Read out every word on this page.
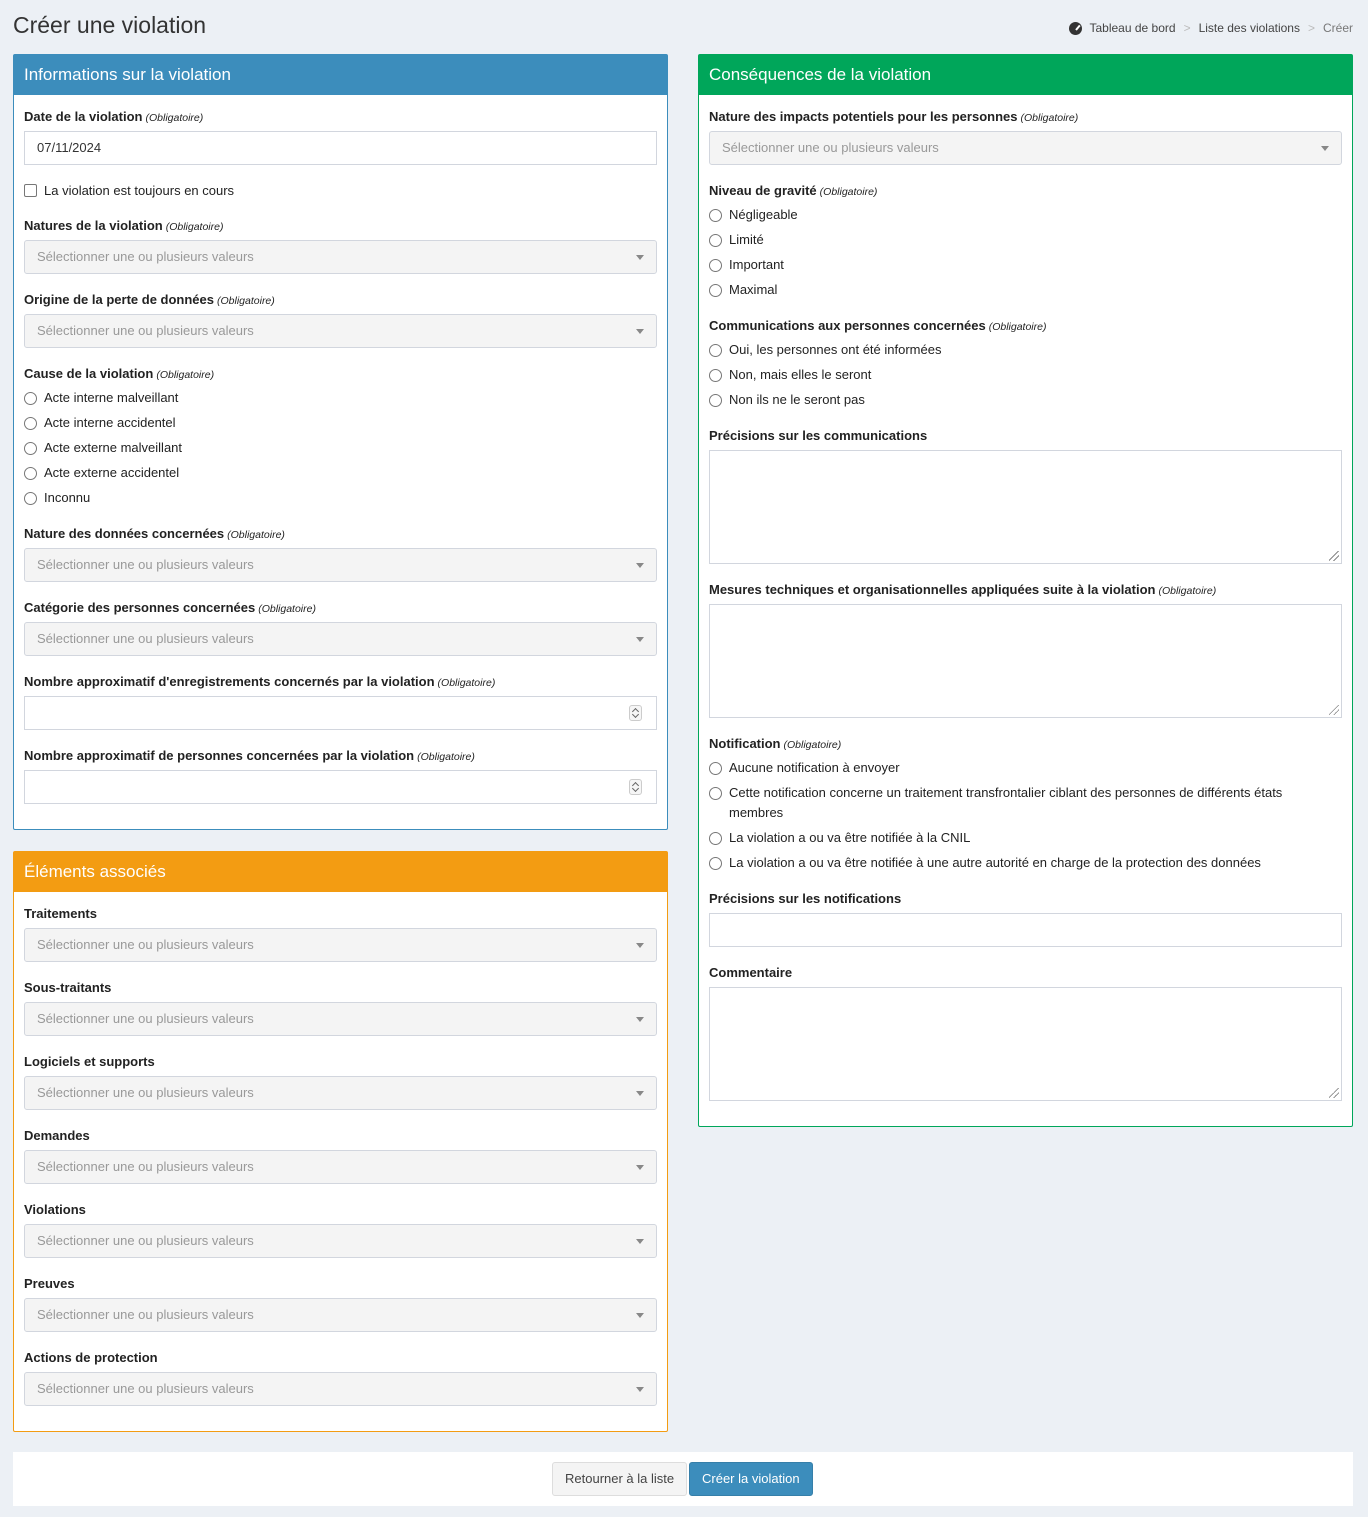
Créer une violation	Tableau de bord > Liste des violations > Créer
Informations sur la violation
Date de la violation (Obligatoire)
07/11/2024
La violation est toujours en cours
Natures de la violation (Obligatoire)
Sélectionner une ou plusieurs valeurs
Origine de la perte de données (Obligatoire)
Sélectionner une ou plusieurs valeurs
Cause de la violation (Obligatoire)
Acte interne malveillant
Acte interne accidentel
Acte externe malveillant
Acte externe accidentel
Inconnu
Nature des données concernées (Obligatoire)
Sélectionner une ou plusieurs valeurs
Catégorie des personnes concernées (Obligatoire)
Sélectionner une ou plusieurs valeurs
Nombre approximatif d'enregistrements concernés par la violation (Obligatoire)
Nombre approximatif de personnes concernées par la violation (Obligatoire)
Éléments associés
Traitements
Sélectionner une ou plusieurs valeurs
Sous-traitants
Sélectionner une ou plusieurs valeurs
Logiciels et supports
Sélectionner une ou plusieurs valeurs
Demandes
Sélectionner une ou plusieurs valeurs
Violations
Sélectionner une ou plusieurs valeurs
Preuves
Sélectionner une ou plusieurs valeurs
Actions de protection
Sélectionner une ou plusieurs valeurs
Conséquences de la violation
Nature des impacts potentiels pour les personnes (Obligatoire)
Sélectionner une ou plusieurs valeurs
Niveau de gravité (Obligatoire)
Négligeable
Limité
Important
Maximal
Communications aux personnes concernées (Obligatoire)
Oui, les personnes ont été informées
Non, mais elles le seront
Non ils ne le seront pas
Précisions sur les communications
Mesures techniques et organisationnelles appliquées suite à la violation (Obligatoire)
Notification (Obligatoire)
Aucune notification à envoyer
Cette notification concerne un traitement transfrontalier ciblant des personnes de différents états membres
La violation a ou va être notifiée à la CNIL
La violation a ou va être notifiée à une autre autorité en charge de la protection des données
Précisions sur les notifications
Commentaire
Retourner à la liste	Créer la violation
